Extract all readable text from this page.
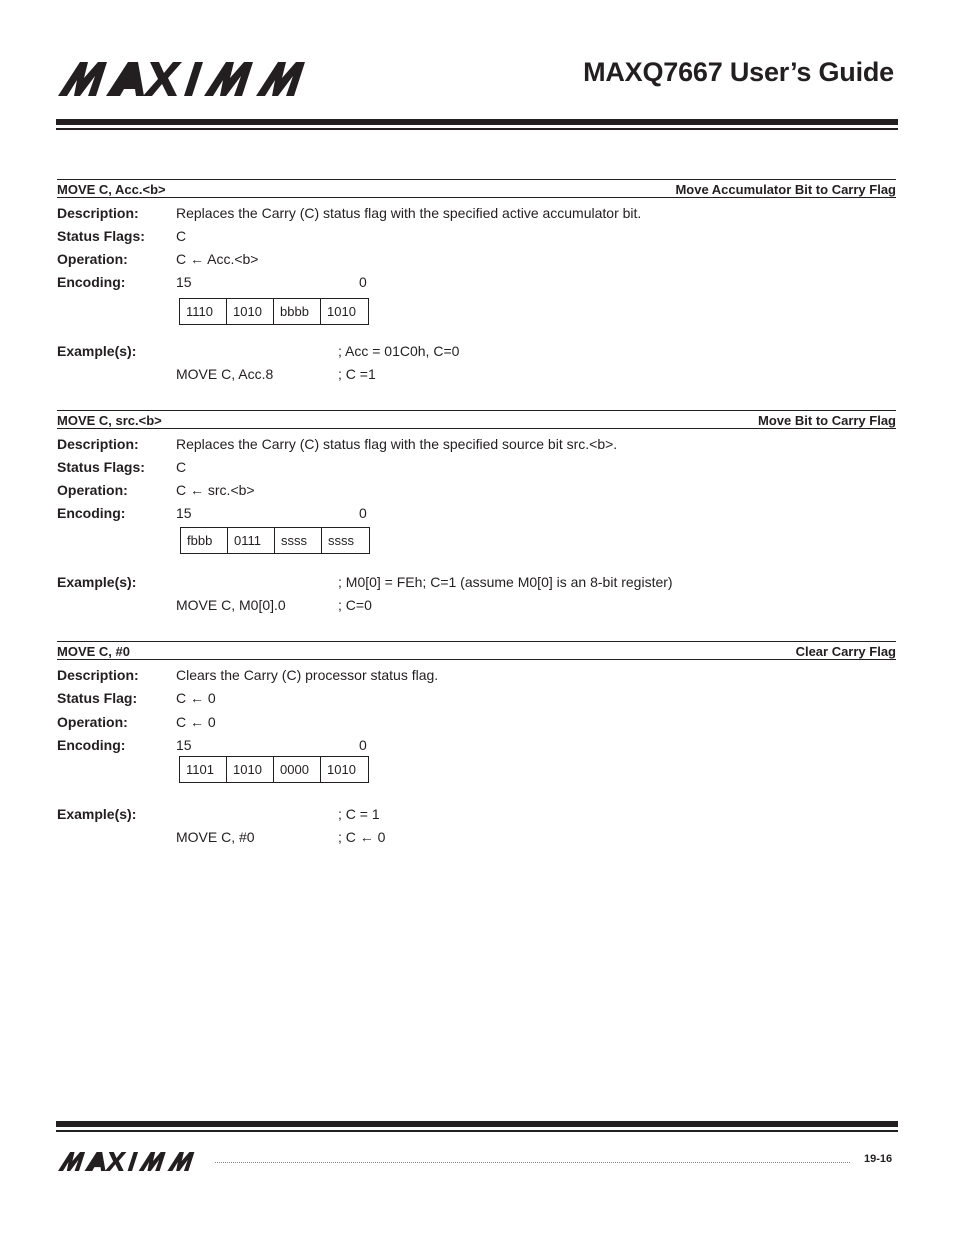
MAXQ7667 User’s Guide
MOVE C, Acc.<b>	Move Accumulator Bit to Carry Flag
Description:	Replaces the Carry (C) status flag with the specified active accumulator bit.
Status Flags: C
Operation:	C ← Acc.<b>
Encoding:	15	0
1110	1010	bbbb	1010
Example(s):	; Acc = 01C0h, C=0
MOVE C, Acc.8	; C =1
MOVE C, src.<b>	Move Bit to Carry Flag
Description:	Replaces the Carry (C) status flag with the specified source bit src.<b>.
Status Flags: C
Operation:	C ← src.<b>
Encoding:	15	0
fbbb	0111	ssss	ssss
Example(s):	; M0[0] = FEh; C=1 (assume M0[0] is an 8-bit register)
MOVE C, M0[0].0	; C=0
MOVE C, #0	Clear Carry Flag
Description:	Clears the Carry (C) processor status flag.
Status Flag:	C ← 0
Operation:	C ← 0
Encoding:	15	0
1101	1010	0000	1010
Example(s):	; C = 1
MOVE C, #0	; C ← 0
19-16
